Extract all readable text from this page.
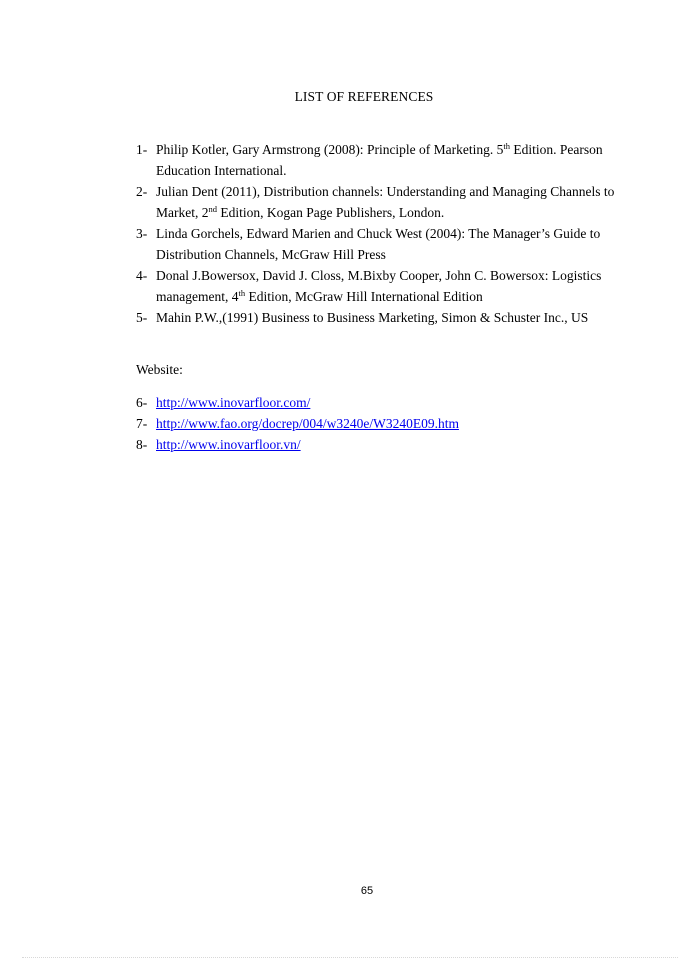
LIST OF REFERENCES
1- Philip Kotler, Gary Armstrong (2008): Principle of Marketing. 5th Edition. Pearson Education International.
2- Julian Dent (2011), Distribution channels: Understanding and Managing Channels to Market, 2nd Edition, Kogan Page Publishers, London.
3- Linda Gorchels, Edward Marien and Chuck West (2004): The Manager’s Guide to Distribution Channels, McGraw Hill Press
4- Donal J.Bowersox, David J. Closs, M.Bixby Cooper, John C. Bowersox: Logistics management, 4th Edition, McGraw Hill International Edition
5- Mahin P.W.,(1991) Business to Business Marketing, Simon & Schuster Inc., US
Website:
6- http://www.inovarfloor.com/
7- http://www.fao.org/docrep/004/w3240e/W3240E09.htm
8- http://www.inovarfloor.vn/
65
